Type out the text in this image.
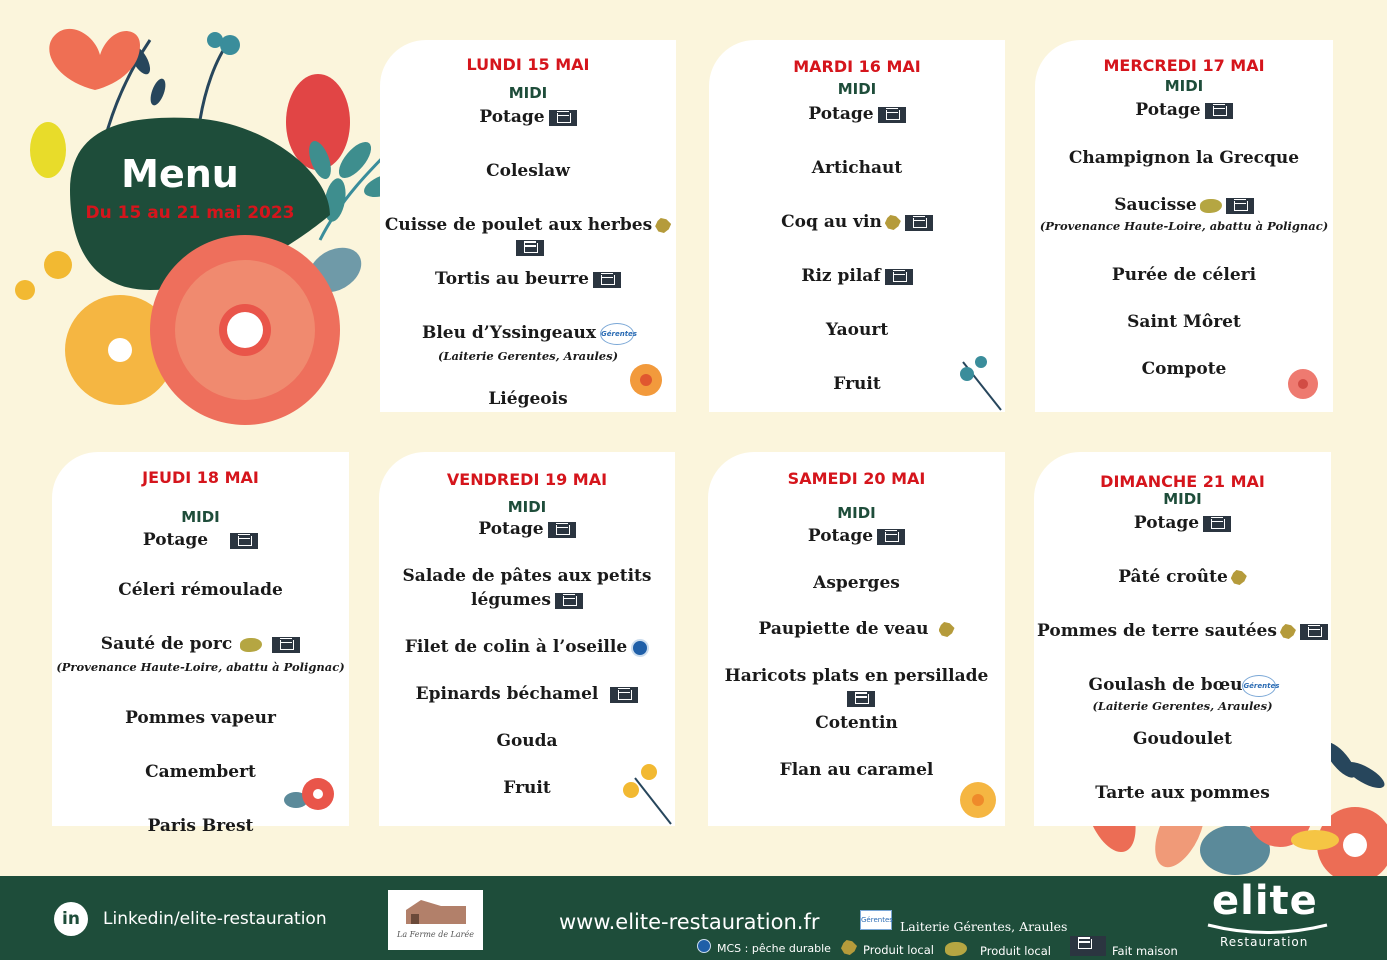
Menu
Du 15 au 21 mai 2023
LUNDI 15 MAI
MIDI
Potage
Coleslaw
Cuisse de poulet aux herbes
Tortis au beurre
Bleu d’Yssingeaux Gérentes
(Laiterie Gerentes, Araules)
Liégeois
MARDI 16 MAI
MIDI
Potage
Artichaut
Coq au vin
Riz pilaf
Yaourt
Fruit
MERCREDI 17 MAI
MIDI
Potage
Champignon la Grecque
Saucisse
(Provenance Haute-Loire, abattu à Polignac)
Purée de céleri
Saint Môret
Compote
JEUDI 18 MAI
MIDI
Potage
Céleri rémoulade
Sauté de porc
(Provenance Haute-Loire, abattu à Polignac)
Pommes vapeur
Camembert
Paris Brest
VENDREDI 19 MAI
MIDI
Potage
Salade de pâtes aux petits
légumes
Filet de colin à l’oseille
Epinards béchamel
Gouda
Fruit
SAMEDI 20 MAI
MIDI
Potage
Asperges
Paupiette de veau
Haricots plats en persillade
Cotentin
Flan au caramel
DIMANCHE 21 MAI
MIDI
Potage
Pâté croûte
Pommes de terre sautées
Goulash de bœuGérentes
(Laiterie Gerentes, Araules)
Goudoulet
Tarte aux pommes
in	Linkedin/elite-restauration
La Ferme de Larée
www.elite-restauration.fr	Gérentes Laiterie Gérentes, Araules
MCS : pêche durable	Produit local	Produit local	Fait maison
elite
Restauration
